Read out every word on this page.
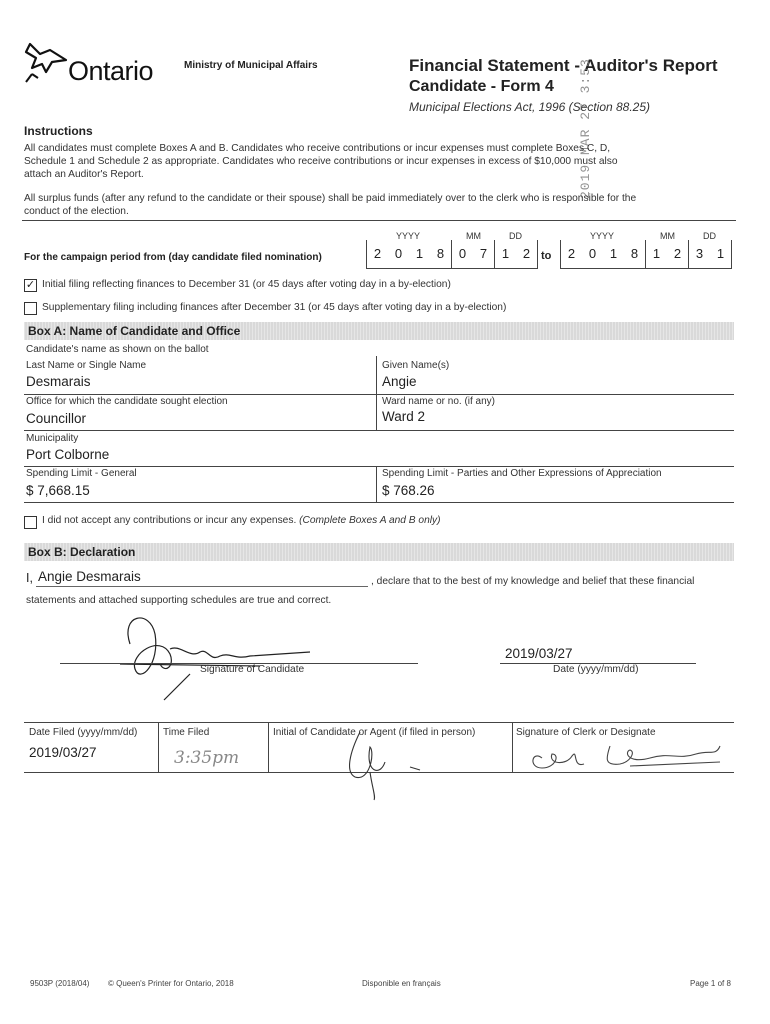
Ontario	Ministry of Municipal Affairs	Financial Statement - Auditor's Report
Candidate - Form 4
Municipal Elections Act, 1996 (Section 88.25)
2019 MAR 27 3:53
Instructions
All candidates must complete Boxes A and B. Candidates who receive contributions or incur expenses must complete Boxes C, D,
Schedule 1 and Schedule 2 as appropriate. Candidates who receive contributions or incur expenses in excess of $10,000 must also
attach an Auditor's Report.
All surplus funds (after any refund to the candidate or their spouse) shall be paid immediately over to the clerk who is responsible for the
conduct of the election.
YYYY	MM	DD	YYYY	MM	DD
For the campaign period from (day candidate filed nomination)	2	0	1	8	0	7	1	2 to	2	0	1	8	1	2	3	1
✓ Initial filing reflecting finances to December 31 (or 45 days after voting day in a by-election)
Supplementary filing including finances after December 31 (or 45 days after voting day in a by-election)
Box A: Name of Candidate and Office
Candidate's name as shown on the ballot
Last Name or Single Name
Desmarais
Given Name(s)
Angie
Office for which the candidate sought election
Councillor
Ward name or no. (if any)
Ward 2
Municipality
Port Colborne
Spending Limit - General
$ 7,668.15
Spending Limit - Parties and Other Expressions of Appreciation
$ 768.26
I did not accept any contributions or incur any expenses. (Complete Boxes A and B only)
Box B: Declaration
I, Angie Desmarais	, declare that to the best of my knowledge and belief that these financial
statements and attached supporting schedules are true and correct.
Signature of Candidate
2019/03/27
Date (yyyy/mm/dd)
Date Filed (yyyy/mm/dd)
2019/03/27
Time Filed
3:35pm
Initial of Candidate or Agent (if filed in person)	Signature of Clerk or Designate
9503P (2018/04) © Queen's Printer for Ontario, 2018	Disponible en français	Page 1 of 8
